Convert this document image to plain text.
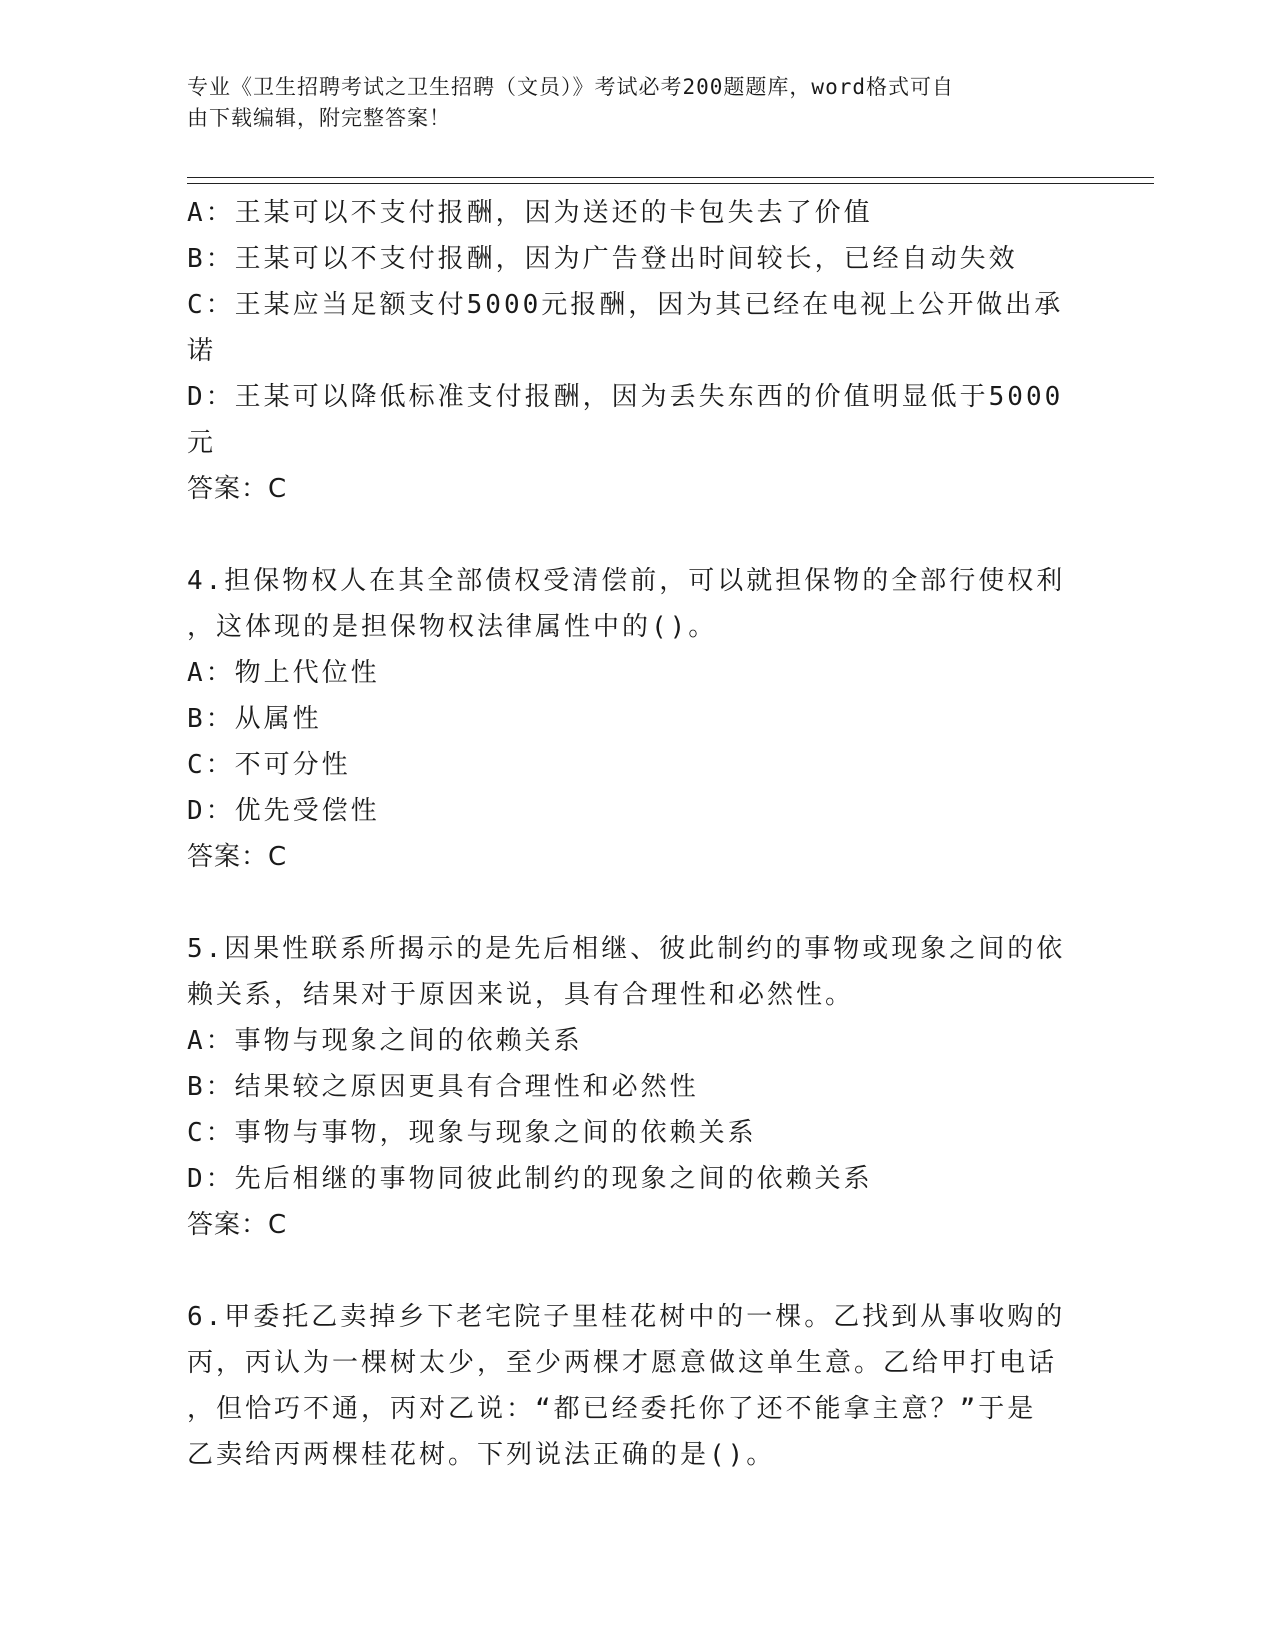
专业《卫生招聘考试之卫生招聘（文员）》考试必考200题题库，word格式可自
由下载编辑，附完整答案！
A：王某可以不支付报酬，因为送还的卡包失去了价值
B：王某可以不支付报酬，因为广告登出时间较长，已经自动失效
C：王某应当足额支付5000元报酬，因为其已经在电视上公开做出承
诺
D：王某可以降低标准支付报酬，因为丢失东西的价值明显低于5000
元
答案：C
4.担保物权人在其全部债权受清偿前，可以就担保物的全部行使权利
，这体现的是担保物权法律属性中的()。
A：物上代位性
B：从属性
C：不可分性
D：优先受偿性
答案：C
5.因果性联系所揭示的是先后相继、彼此制约的事物或现象之间的依
赖关系，结果对于原因来说，具有合理性和必然性。
A：事物与现象之间的依赖关系
B：结果较之原因更具有合理性和必然性
C：事物与事物，现象与现象之间的依赖关系
D：先后相继的事物同彼此制约的现象之间的依赖关系
答案：C
6.甲委托乙卖掉乡下老宅院子里桂花树中的一棵。乙找到从事收购的
丙，丙认为一棵树太少，至少两棵才愿意做这单生意。乙给甲打电话
，但恰巧不通，丙对乙说：“都已经委托你了还不能拿主意？”于是
乙卖给丙两棵桂花树。下列说法正确的是()。
